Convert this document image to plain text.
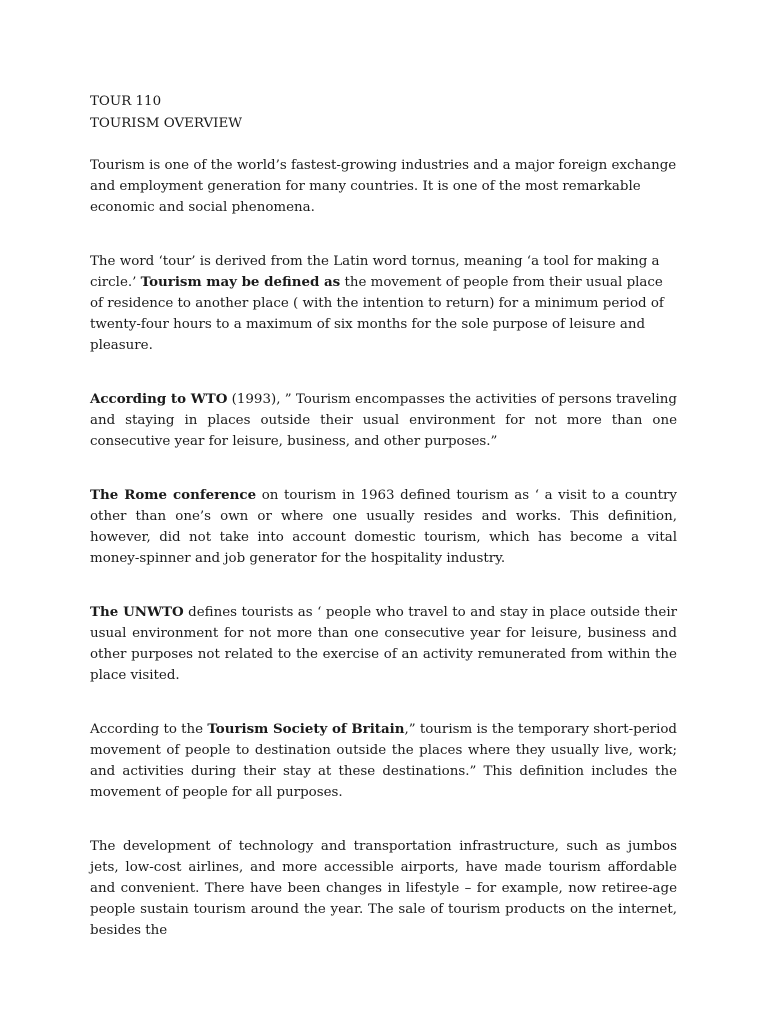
TOUR 110
TOURISM OVERVIEW

Tourism is one of the world’s fastest-growing industries and a major foreign exchange and employment generation for many countries. It is one of the most remarkable economic and social phenomena.

The word ‘tour’ is derived from the Latin word tornus, meaning ‘a tool for making a circle.’ Tourism may be defined as the movement of people from their usual place of residence to another place ( with the intention to return) for a minimum period of twenty-four hours to a maximum of six months for the sole purpose of leisure and pleasure.

According to WTO (1993), ” Tourism encompasses the activities of persons traveling and staying in places outside their usual environment for not more than one consecutive year for leisure, business, and other purposes.”

The Rome conference on tourism in 1963 defined tourism as ‘ a visit to a country other than one’s own or where one usually resides and works. This definition, however, did not take into account domestic tourism, which has become a vital money-spinner and job generator for the hospitality industry.

The UNWTO defines tourists as ‘ people who travel to and stay in place outside their usual environment for not more than one consecutive year for leisure, business and other purposes not related to the exercise of an activity remunerated from within the place visited.

According to the Tourism Society of Britain,” tourism is the temporary short-period movement of people to destination outside the places where they usually live, work; and activities during their stay at these destinations.” This definition includes the movement of people for all purposes.

The development of technology and transportation infrastructure, such as jumbos jets, low-cost airlines, and more accessible airports, have made tourism affordable and convenient. There have been changes in lifestyle – for example, now retiree-age people sustain tourism around the year. The sale of tourism products on the internet, besides the
